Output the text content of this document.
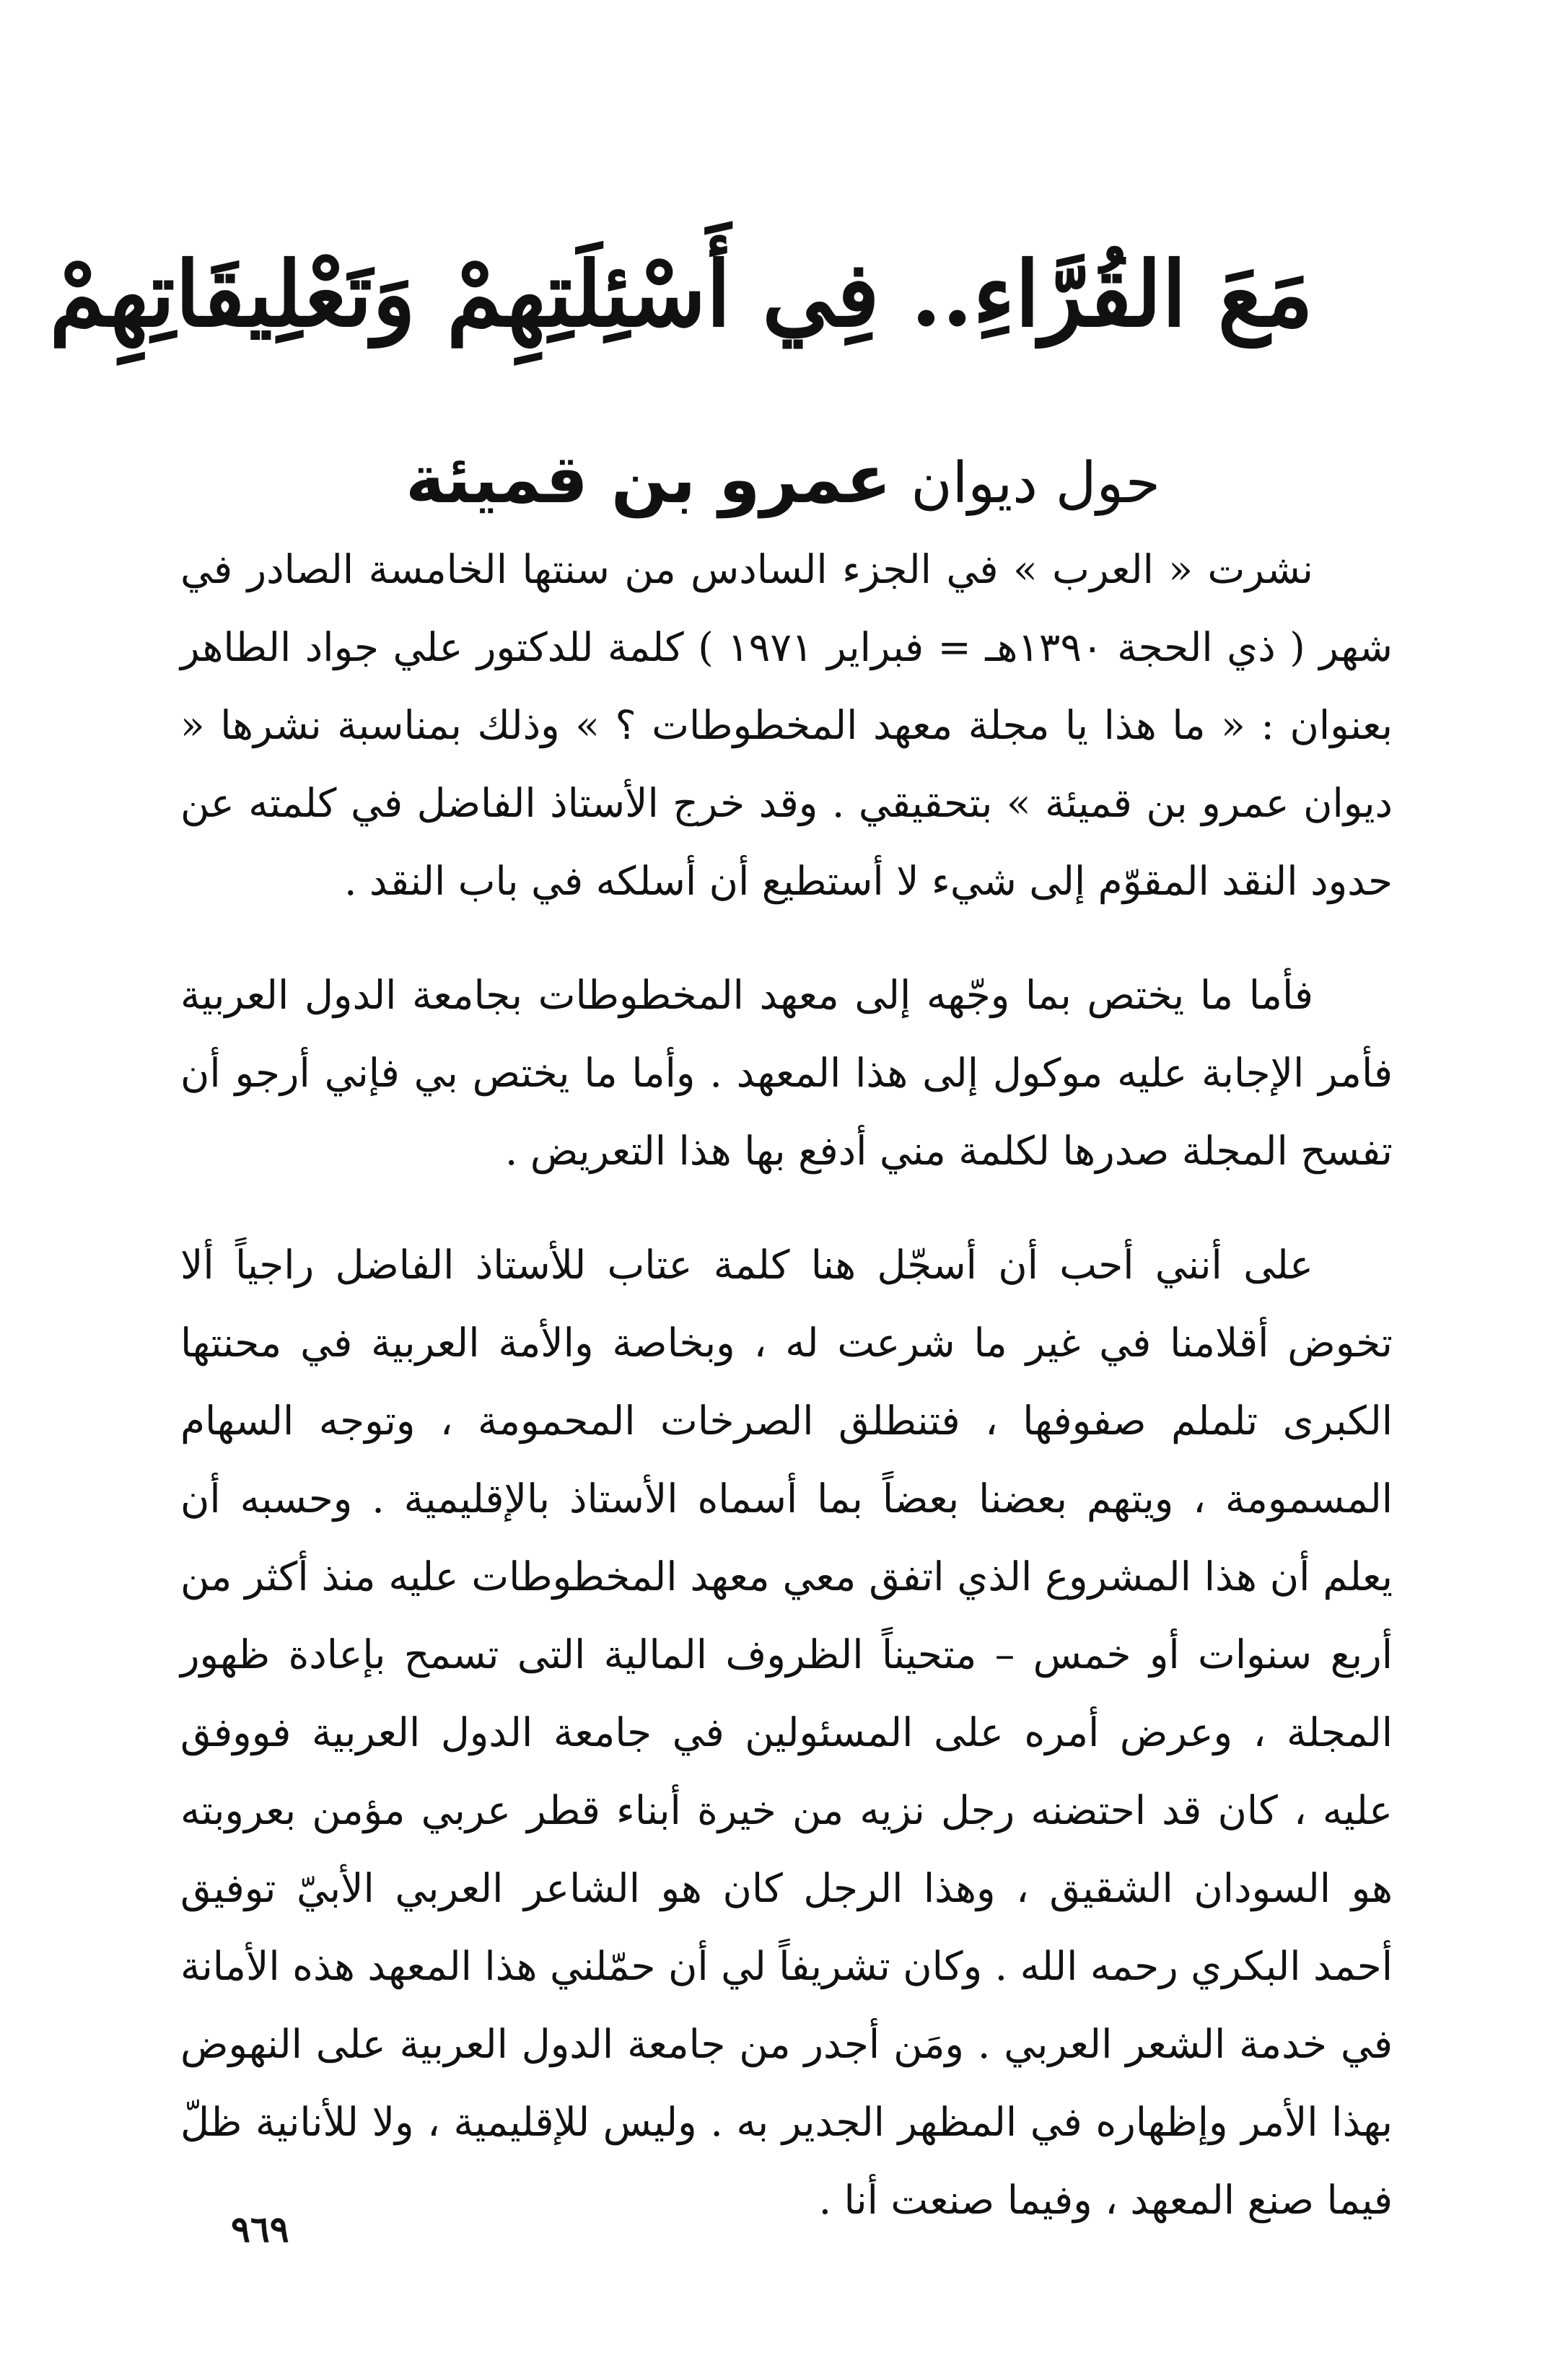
مَعَ القُرَّاءِ.. فِي أَسْئِلَتِهِمْ وَتَعْلِيقَاتِهِمْ
حول ديوان عمرو بن قميئة

نشرت « العرب » في الجزء السادس من سنتها الخامسة الصادر في شهر ( ذي الحجة ١٣٩٠هـ = فبراير ١٩٧١ ) كلمة للدكتور علي جواد الطاهر بعنوان : « ما هذا يا مجلة معهد المخطوطات ؟ » وذلك بمناسبة نشرها « ديوان عمرو بن قميئة » بتحقيقي . وقد خرج الأستاذ الفاضل في كلمته عن حدود النقد المقوّم إلى شيء لا أستطيع أن أسلكه في باب النقد .

فأما ما يختص بما وجّهه إلى معهد المخطوطات بجامعة الدول العربية فأمر الإجابة عليه موكول إلى هذا المعهد . وأما ما يختص بي فإني أرجو أن تفسح المجلة صدرها لكلمة مني أدفع بها هذا التعريض .

على أنني أحب أن أسجّل هنا كلمة عتاب للأستاذ الفاضل راجياً ألا تخوض أقلامنا في غير ما شرعت له ، وبخاصة والأمة العربية في محنتها الكبرى تلملم صفوفها ، فتنطلق الصرخات المحمومة ، وتوجه السهام المسمومة ، ويتهم بعضنا بعضاً بما أسماه الأستاذ بالإقليمية . وحسبه أن يعلم أن هذا المشروع الذي اتفق معي معهد المخطوطات عليه منذ أكثر من أربع سنوات أو خمس – متحيناً الظروف المالية التى تسمح بإعادة ظهور المجلة ، وعرض أمره على المسئولين في جامعة الدول العربية فووفق عليه ، كان قد احتضنه رجل نزيه من خيرة أبناء قطر عربي مؤمن بعروبته هو السودان الشقيق ، وهذا الرجل كان هو الشاعر العربي الأبيّ توفيق أحمد البكري رحمه الله . وكان تشريفاً لي أن حمّلني هذا المعهد هذه الأمانة في خدمة الشعر العربي . ومَن أجدر من جامعة الدول العربية على النهوض بهذا الأمر وإظهاره في المظهر الجدير به . وليس للإقليمية ، ولا للأنانية ظلّ فيما صنع المعهد ، وفيما صنعت أنا .

٩٦٩
